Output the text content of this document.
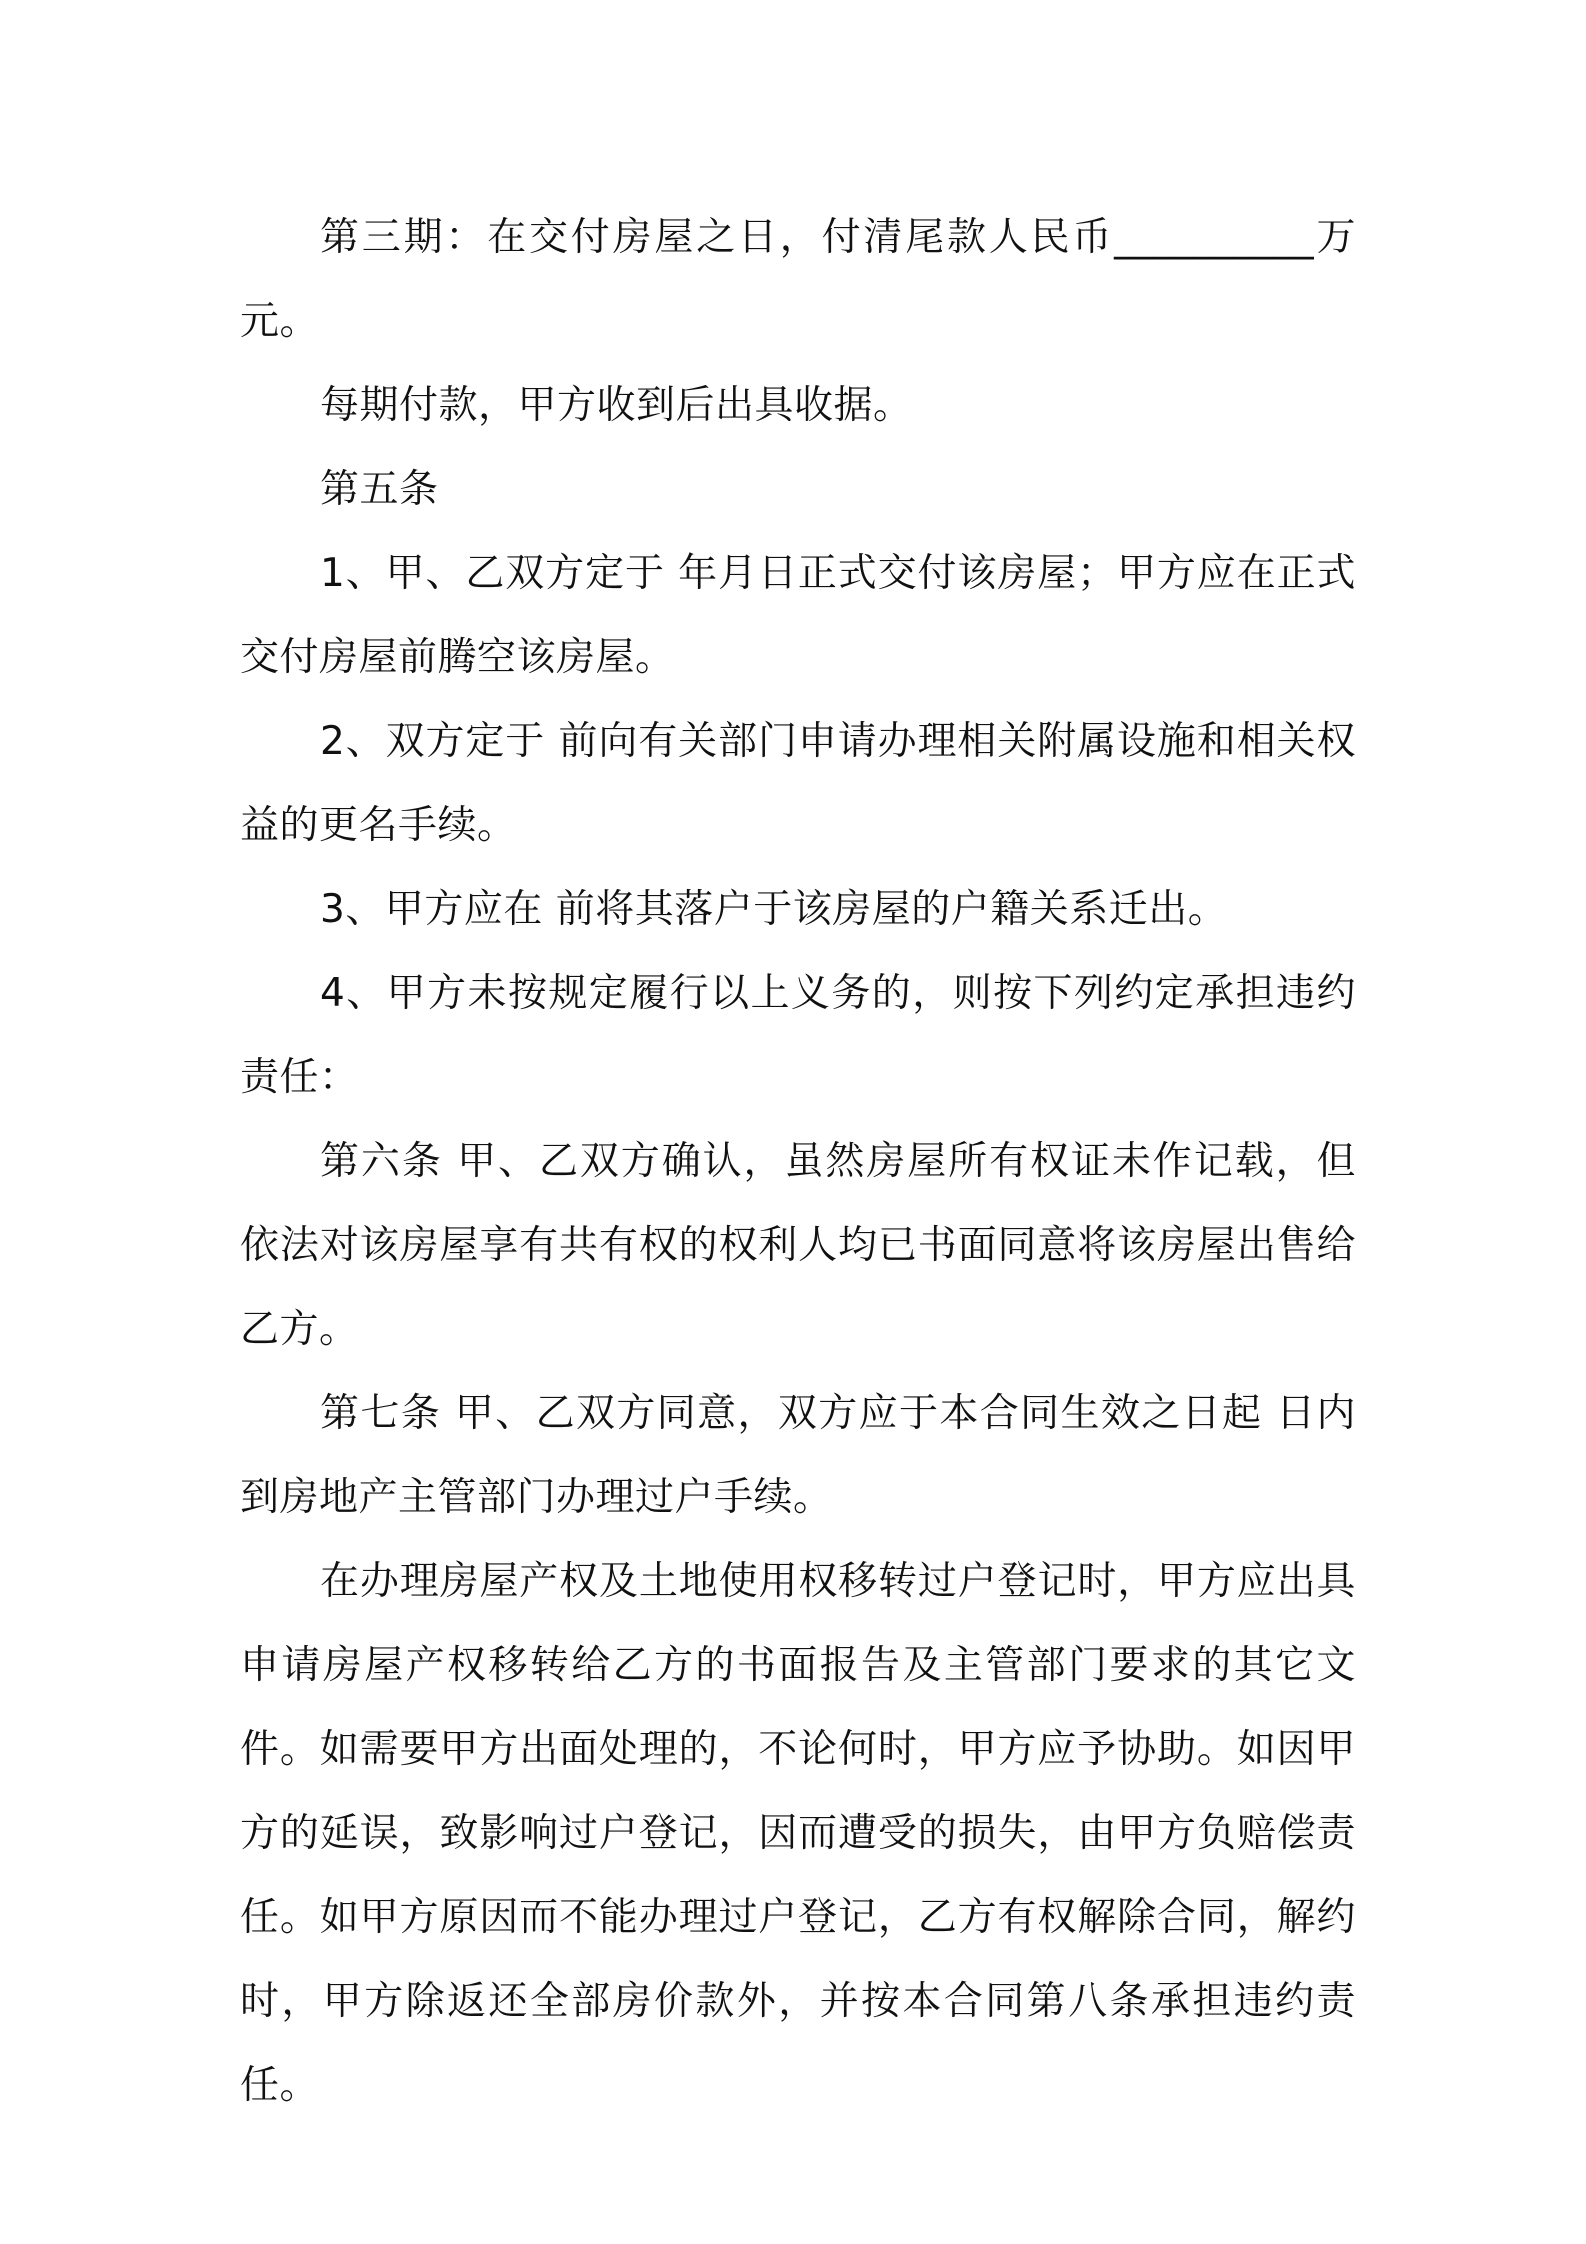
第三期：在交付房屋之日，付清尾款人民币__________万元。

每期付款，甲方收到后出具收据。

第五条

1、甲、乙双方定于 年月日正式交付该房屋；甲方应在正式交付房屋前腾空该房屋。

2、双方定于 前向有关部门申请办理相关附属设施和相关权益的更名手续。

3、甲方应在 前将其落户于该房屋的户籍关系迁出。

4、甲方未按规定履行以上义务的，则按下列约定承担违约责任：

第六条 甲、乙双方确认，虽然房屋所有权证未作记载，但依法对该房屋享有共有权的权利人均已书面同意将该房屋出售给乙方。

第七条 甲、乙双方同意，双方应于本合同生效之日起 日内到房地产主管部门办理过户手续。

在办理房屋产权及土地使用权移转过户登记时，甲方应出具申请房屋产权移转给乙方的书面报告及主管部门要求的其它文件。如需要甲方出面处理的，不论何时，甲方应予协助。如因甲方的延误，致影响过户登记，因而遭受的损失，由甲方负赔偿责任。如甲方原因而不能办理过户登记，乙方有权解除合同，解约时，甲方除返还全部房价款外，并按本合同第八条承担违约责任。
